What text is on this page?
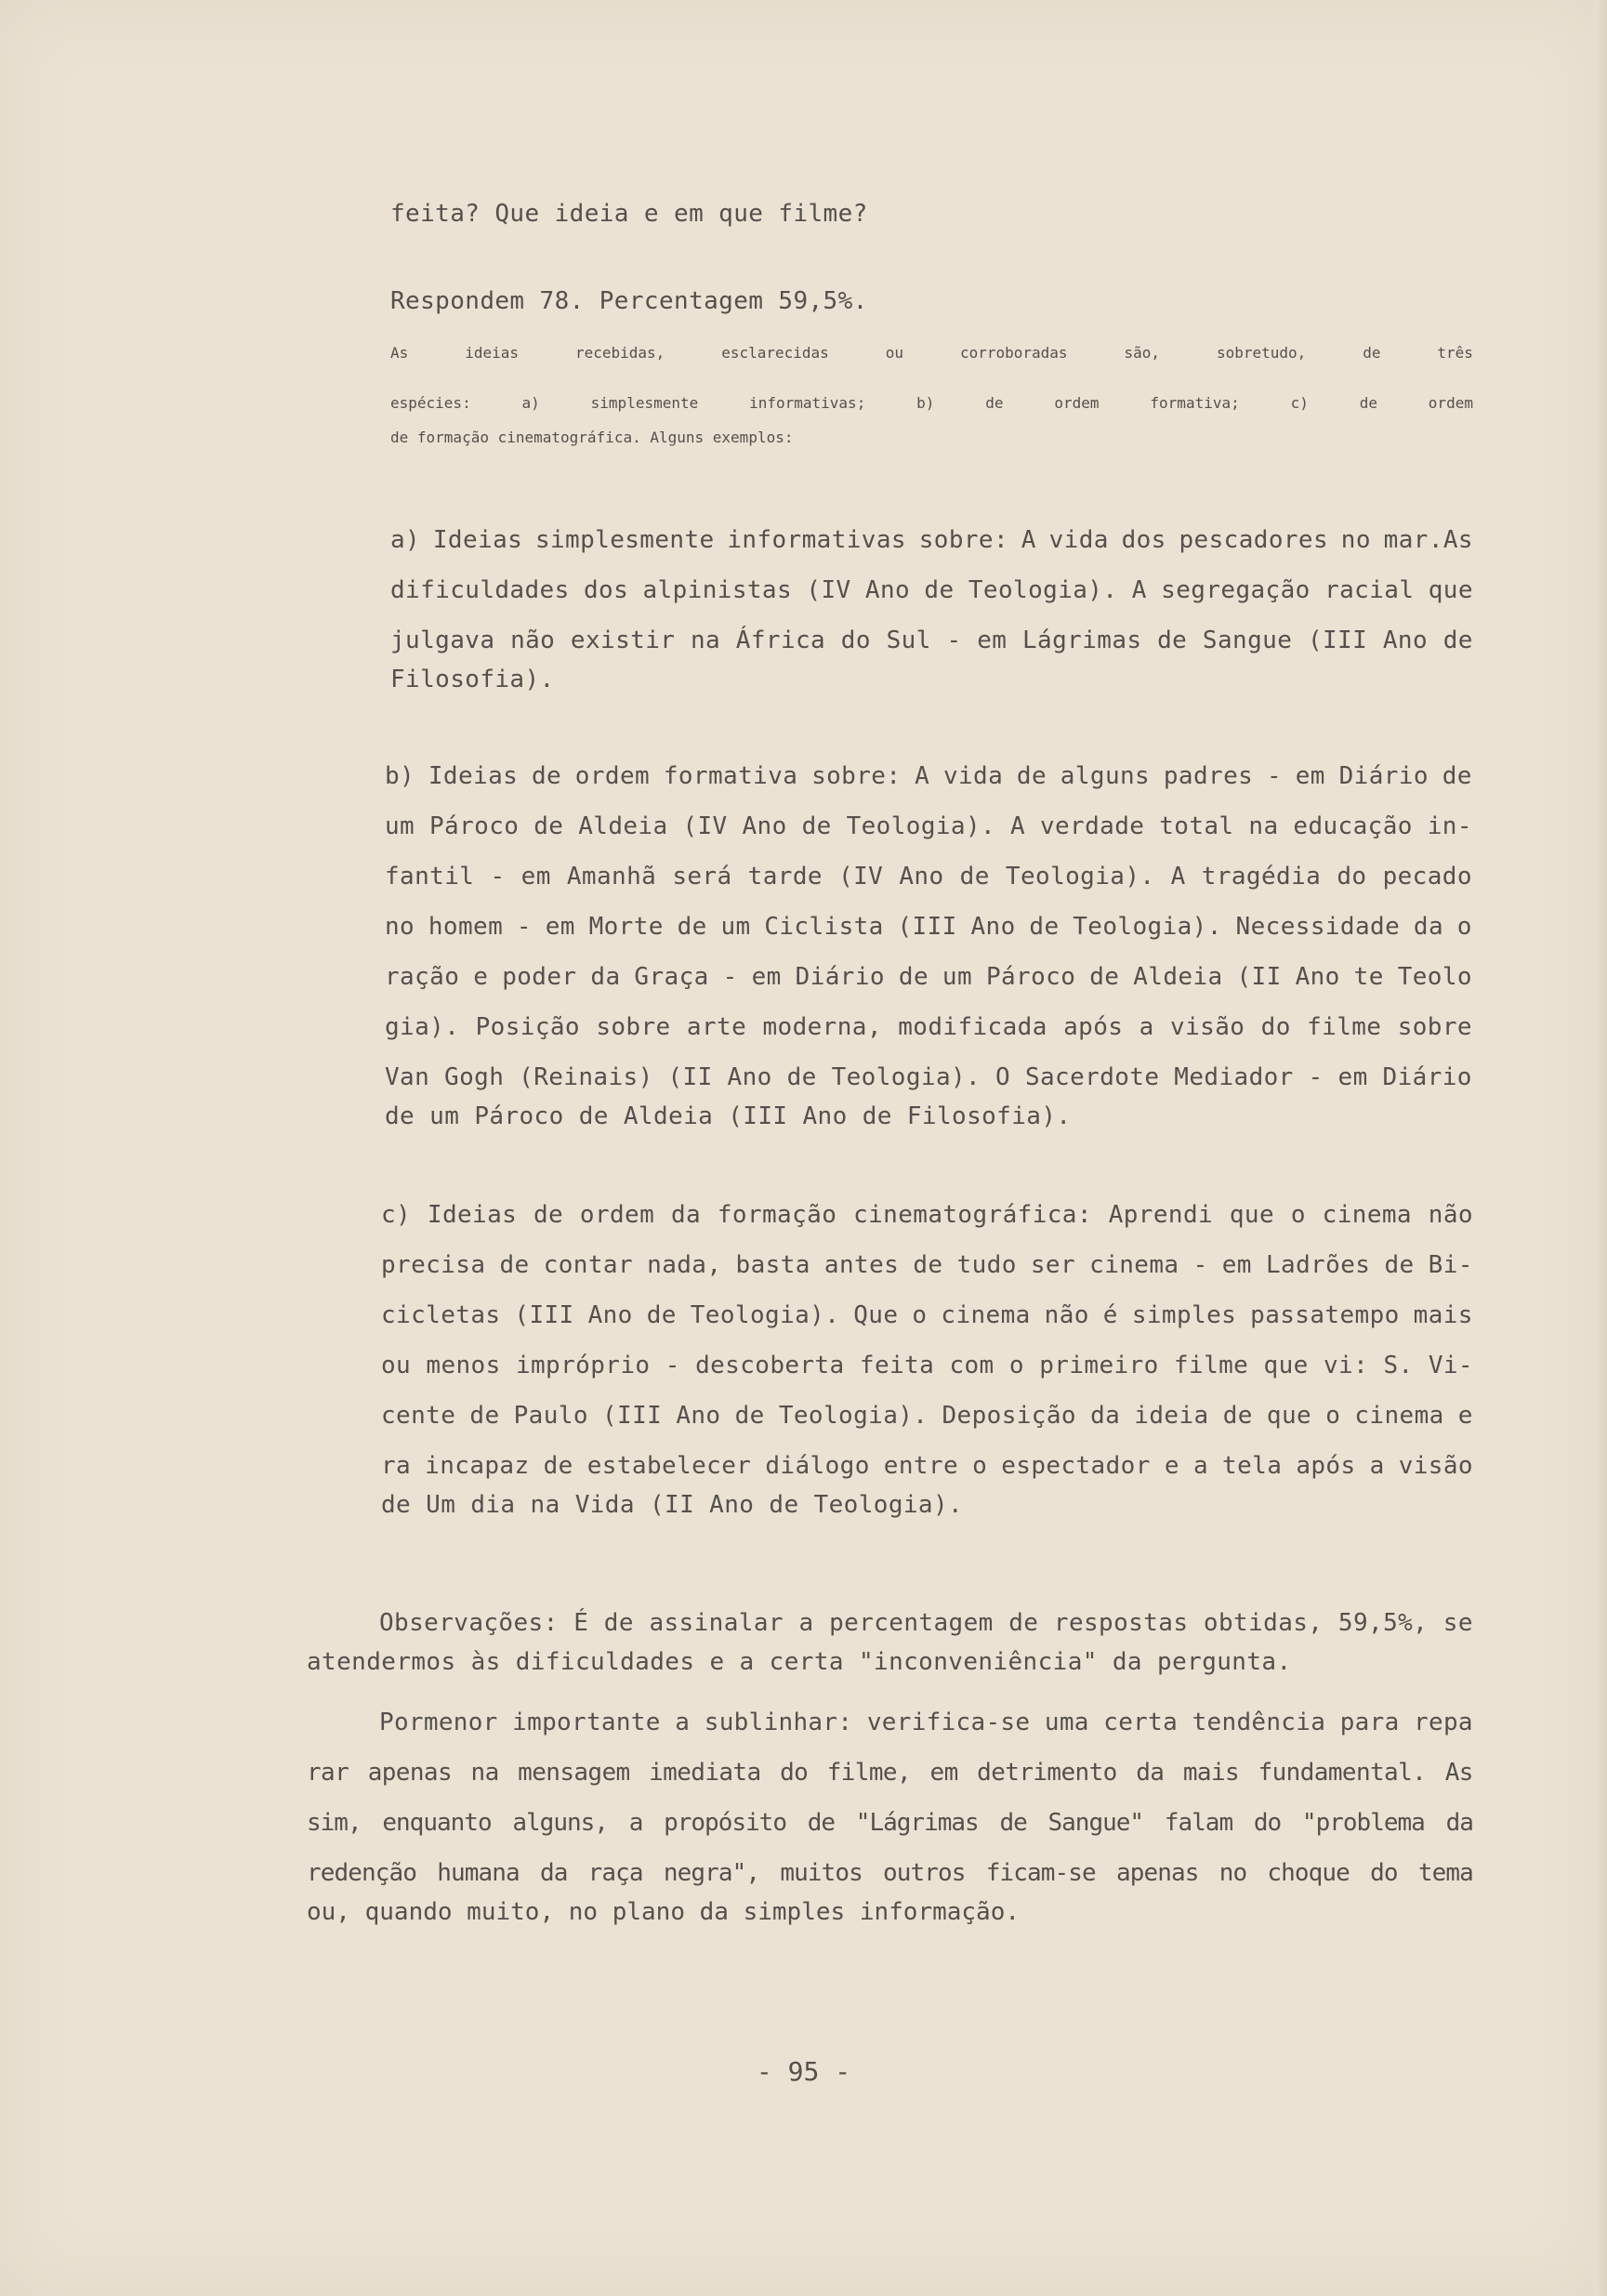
feita? Que ideia e em que filme?
Respondem 78. Percentagem 59,5%.
As	ideias	recebidas,	esclarecidas	ou	corroboradas	são,	sobretudo,	de	três
espécies:	a)	simplesmente	informativas;	b)	de	ordem	formativa;	c)	de	ordem
de formação cinematográfica. Alguns exemplos:
a) Ideias simplesmente informativas sobre: A vida dos pescadores no mar.As
dificuldades dos alpinistas (IV Ano de Teologia). A segregação racial que
julgava não existir na África do Sul - em Lágrimas de Sangue (III Ano de
Filosofia).
b) Ideias de ordem formativa sobre: A vida de alguns padres - em Diário de
um Pároco de Aldeia (IV Ano de Teologia). A verdade total na educação in-
fantil - em Amanhã será tarde (IV Ano de Teologia). A tragédia do pecado
no homem - em Morte de um Ciclista (III Ano de Teologia). Necessidade da o
ração e poder da Graça - em Diário de um Pároco de Aldeia (II Ano te Teolo
gia). Posição sobre arte moderna, modificada após a visão do filme sobre
Van Gogh (Reinais) (II Ano de Teologia). O Sacerdote Mediador - em Diário
de um Pároco de Aldeia (III Ano de Filosofia).
c) Ideias de ordem da formação cinematográfica: Aprendi que o cinema não
precisa de contar nada, basta antes de tudo ser cinema - em Ladrões de Bi-
cicletas (III Ano de Teologia). Que o cinema não é simples passatempo mais
ou menos impróprio - descoberta feita com o primeiro filme que vi: S. Vi-
cente de Paulo (III Ano de Teologia). Deposição da ideia de que o cinema e
ra incapaz de estabelecer diálogo entre o espectador e a tela após a visão
de Um dia na Vida (II Ano de Teologia).
Observações: É de assinalar a percentagem de respostas obtidas, 59,5%, se
atendermos às dificuldades e a certa "inconveniência" da pergunta.
Pormenor importante a sublinhar: verifica-se uma certa tendência para repa
rar apenas na mensagem imediata do filme, em detrimento da mais fundamental. As
sim, enquanto alguns, a propósito de "Lágrimas de Sangue" falam do "problema da
redenção humana da raça negra", muitos outros ficam-se apenas no choque do tema
ou, quando muito, no plano da simples informação.
- 95 -
